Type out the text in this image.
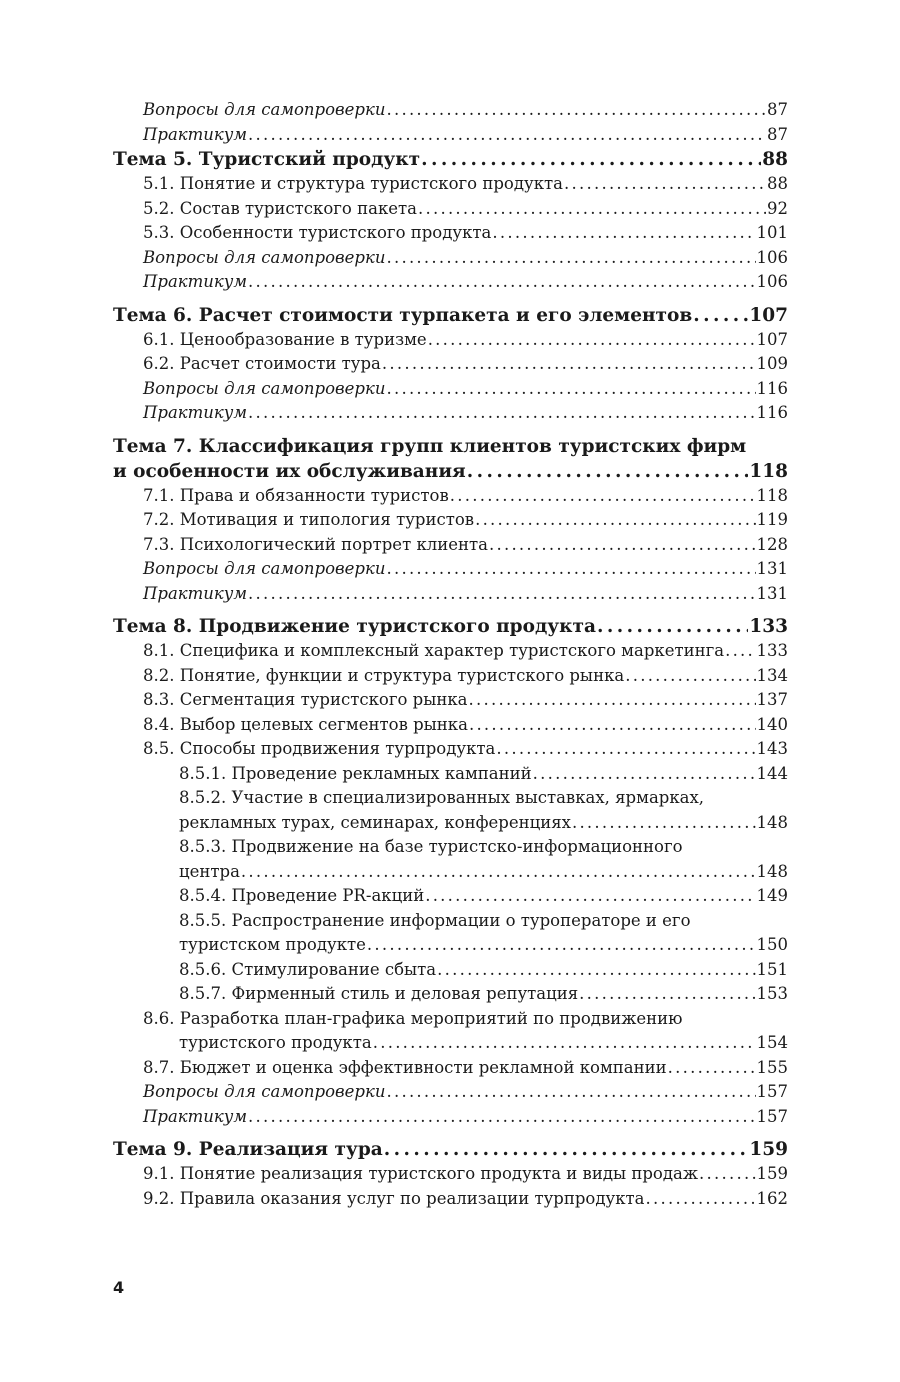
Вопросы для самопроверки . . .	87
Практикум . . .	87
Тема 5. Туристский продукт . . .	88
5.1. Понятие и структура туристского продукта . . .	88
5.2. Состав туристского пакета . . .	92
5.3. Особенности туристского продукта . . .	101
Вопросы для самопроверки . . .	106
Практикум . . .	106
Тема 6. Расчет стоимости турпакета и его элементов . . .	107
6.1. Ценообразование в туризме . . .	107
6.2. Расчет стоимости тура . . .	109
Вопросы для самопроверки . . .	116
Практикум . . .	116
Тема 7. Классификация групп клиентов туристских фирм
и особенности их обслуживания . . .	118
7.1. Права и обязанности туристов . . .	118
7.2. Мотивация и типология туристов . . .	119
7.3. Психологический портрет клиента . . .	128
Вопросы для самопроверки . . .	131
Практикум . . .	131
Тема 8. Продвижение туристского продукта . . .	133
8.1. Специфика и комплексный характер туристского маркетинга . . . 133
8.2. Понятие, функции и структура туристского рынка . . .	134
8.3. Сегментация туристского рынка . . .	137
8.4. Выбор целевых сегментов рынка . . .	140
8.5. Способы продвижения турпродукта . . .	143
8.5.1. Проведение рекламных кампаний . . .	144
8.5.2. Участие в специализированных выставках, ярмарках,
рекламных турах, семинарах, конференциях . . .	148
8.5.3. Продвижение на базе туристско-информационного
центра . . .	148
8.5.4. Проведение PR-акций . . .	149
8.5.5. Распространение информации о туроператоре и его
туристском продукте . . .	150
8.5.6. Стимулирование сбыта . . .	151
8.5.7. Фирменный стиль и деловая репутация . . .	153
8.6. Разработка план-графика мероприятий по продвижению
туристского продукта . . .	154
8.7. Бюджет и оценка эффективности рекламной компании . . .	155
Вопросы для самопроверки . . .	157
Практикум . . .	157
Тема 9. Реализация тура . . .	159
9.1. Понятие реализация туристского продукта и виды продаж . . .	159
9.2. Правила оказания услуг по реализации турпродукта . . .	162
4
